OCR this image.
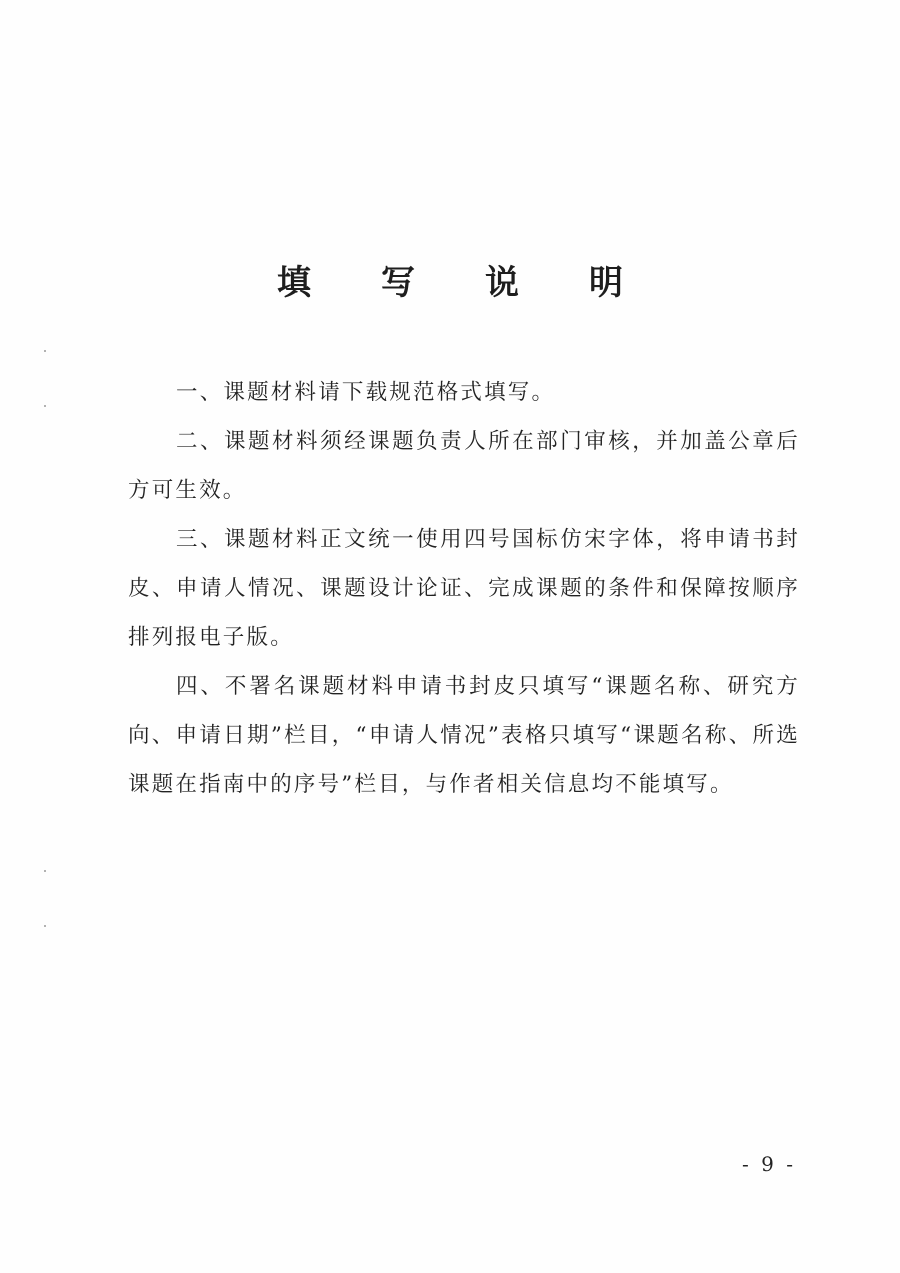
填 写 说 明

一、课题材料请下载规范格式填写。

二、课题材料须经课题负责人所在部门审核，并加盖公章后方可生效。

三、课题材料正文统一使用四号国标仿宋字体，将申请书封皮、申请人情况、课题设计论证、完成课题的条件和保障按顺序排列报电子版。

四、不署名课题材料申请书封皮只填写“课题名称、研究方向、申请日期”栏目，“申请人情况”表格只填写“课题名称、所选课题在指南中的序号”栏目，与作者相关信息均不能填写。

- 9 -
